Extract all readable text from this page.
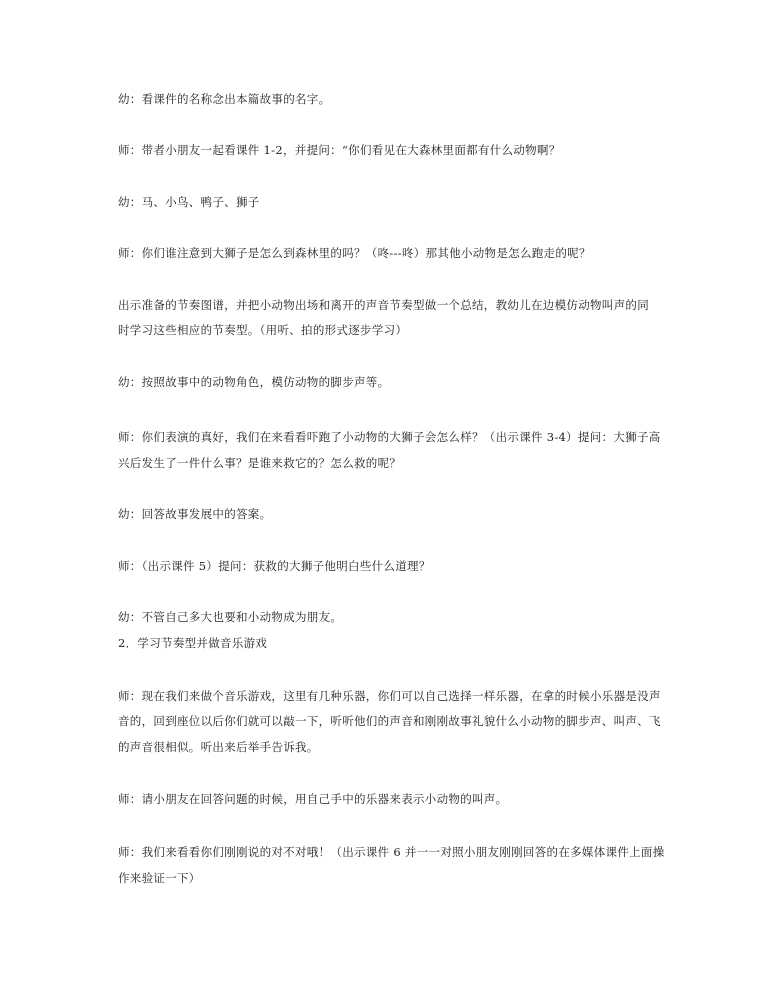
幼：看课件的名称念出本篇故事的名字。
师：带者小朋友一起看课件 1-2，并提问：“你们看见在大森林里面都有什么动物啊？
幼：马、小鸟、鸭子、狮子
师：你们谁注意到大狮子是怎么到森林里的吗？（咚---咚）那其他小动物是怎么跑走的呢？
出示准备的节奏图谱，并把小动物出场和离开的声音节奏型做一个总结，教幼儿在边模仿动物叫声的同
时学习这些相应的节奏型。（用听、拍的形式逐步学习）
幼：按照故事中的动物角色，模仿动物的脚步声等。
师：你们表演的真好，我们在来看看吓跑了小动物的大狮子会怎么样？（出示课件 3-4）提问：大狮子高
兴后发生了一件什么事？是谁来救它的？怎么救的呢？
幼：回答故事发展中的答案。
师：（出示课件 5）提问：获救的大狮子他明白些什么道理？
幼：不管自己多大也要和小动物成为朋友。
2．学习节奏型并做音乐游戏
师：现在我们来做个音乐游戏，这里有几种乐器，你们可以自己选择一样乐器，在拿的时候小乐器是没声
音的，回到座位以后你们就可以敲一下，听听他们的声音和刚刚故事礼貌什么小动物的脚步声、叫声、飞
的声音很相似。听出来后举手告诉我。
师：请小朋友在回答问题的时候，用自己手中的乐器来表示小动物的叫声。
师：我们来看看你们刚刚说的对不对哦！（出示课件 6 并一一对照小朋友刚刚回答的在多媒体课件上面操
作来验证一下）
